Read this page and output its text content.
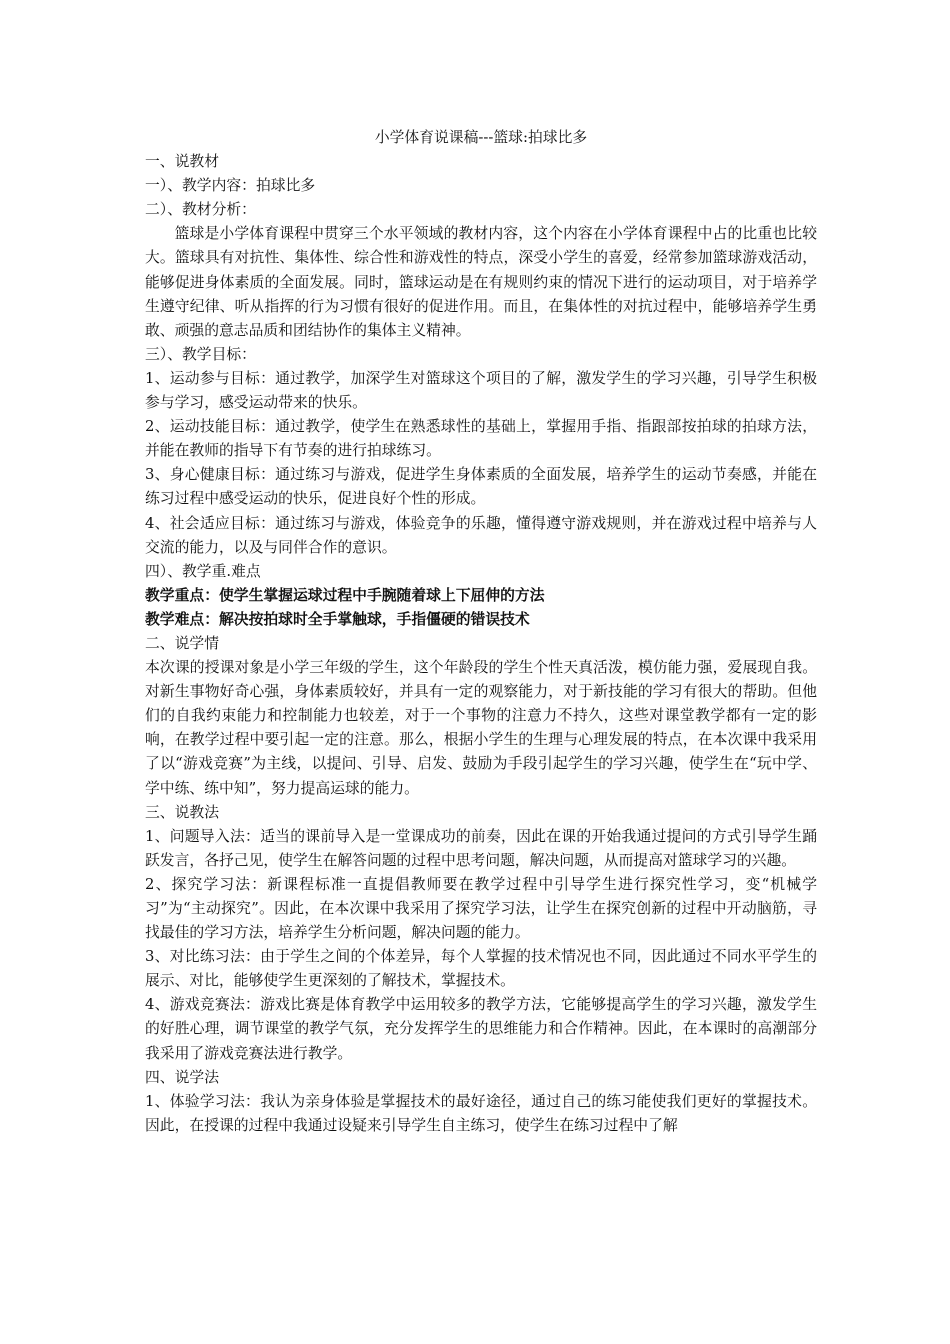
小学体育说课稿---篮球:拍球比多

一、说教材

一）、教学内容：拍球比多

二）、教材分析：

篮球是小学体育课程中贯穿三个水平领域的教材内容，这个内容在小学体育课程中占的比重也比较大。篮球具有对抗性、集体性、综合性和游戏性的特点，深受小学生的喜爱，经常参加篮球游戏活动，能够促进身体素质的全面发展。同时，篮球运动是在有规则约束的情况下进行的运动项目，对于培养学生遵守纪律、听从指挥的行为习惯有很好的促进作用。而且，在集体性的对抗过程中，能够培养学生勇敢、顽强的意志品质和团结协作的集体主义精神。

三）、教学目标：

1、运动参与目标：通过教学，加深学生对篮球这个项目的了解，激发学生的学习兴趣，引导学生积极参与学习，感受运动带来的快乐。

2、运动技能目标：通过教学，使学生在熟悉球性的基础上，掌握用手指、指跟部按拍球的拍球方法，并能在教师的指导下有节奏的进行拍球练习。

3、身心健康目标：通过练习与游戏，促进学生身体素质的全面发展，培养学生的运动节奏感，并能在练习过程中感受运动的快乐，促进良好个性的形成。

4、社会适应目标：通过练习与游戏，体验竞争的乐趣，懂得遵守游戏规则，并在游戏过程中培养与人交流的能力，以及与同伴合作的意识。

四）、教学重.难点

教学重点：使学生掌握运球过程中手腕随着球上下屈伸的方法

教学难点：解决按拍球时全手掌触球，手指僵硬的错误技术

二、说学情

本次课的授课对象是小学三年级的学生，这个年龄段的学生个性天真活泼，模仿能力强，爱展现自我。对新生事物好奇心强，身体素质较好，并具有一定的观察能力，对于新技能的学习有很大的帮助。但他们的自我约束能力和控制能力也较差，对于一个事物的注意力不持久，这些对课堂教学都有一定的影响，在教学过程中要引起一定的注意。那么，根据小学生的生理与心理发展的特点，在本次课中我采用了以“游戏竞赛”为主线，以提问、引导、启发、鼓励为手段引起学生的学习兴趣，使学生在“玩中学、学中练、练中知”，努力提高运球的能力。

三、说教法

1、问题导入法：适当的课前导入是一堂课成功的前奏，因此在课的开始我通过提问的方式引导学生踊跃发言，各抒己见，使学生在解答问题的过程中思考问题，解决问题，从而提高对篮球学习的兴趣。

2、探究学习法：新课程标准一直提倡教师要在教学过程中引导学生进行探究性学习，变“机械学习”为“主动探究”。因此，在本次课中我采用了探究学习法，让学生在探究创新的过程中开动脑筋，寻找最佳的学习方法，培养学生分析问题，解决问题的能力。

3、对比练习法：由于学生之间的个体差异，每个人掌握的技术情况也不同，因此通过不同水平学生的展示、对比，能够使学生更深刻的了解技术，掌握技术。

4、游戏竞赛法：游戏比赛是体育教学中运用较多的教学方法，它能够提高学生的学习兴趣，激发学生的好胜心理，调节课堂的教学气氛，充分发挥学生的思维能力和合作精神。因此，在本课时的高潮部分我采用了游戏竞赛法进行教学。

四、说学法

1、体验学习法：我认为亲身体验是掌握技术的最好途径，通过自己的练习能使我们更好的掌握技术。因此，在授课的过程中我通过设疑来引导学生自主练习，使学生在练习过程中了解
